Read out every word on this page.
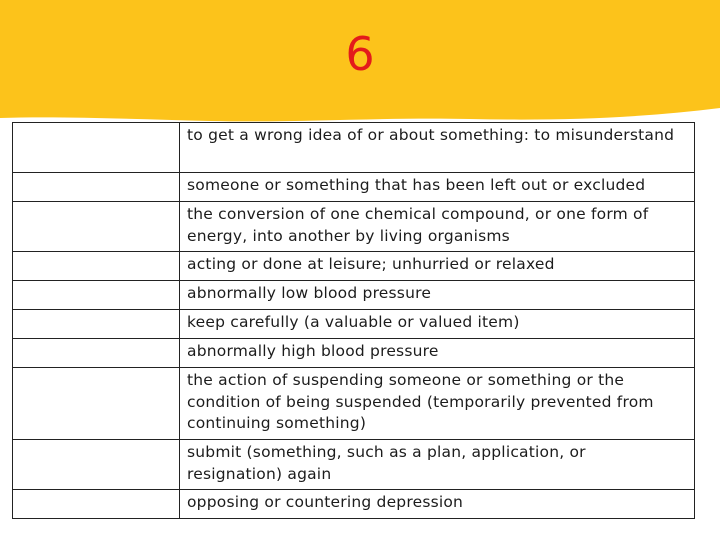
6
	to get a wrong idea of or about something: to misunderstand
	someone or something that has been left out or excluded
	the conversion of one chemical compound, or one form of energy, into another by living organisms
	acting or done at leisure; unhurried or relaxed
	abnormally low blood pressure
	keep carefully (a valuable or valued item)
	abnormally high blood pressure
	the action of suspending someone or something or the condition of being suspended (temporarily prevented from continuing something)
	submit (something, such as a plan, application, or resignation) again
	opposing or countering depression
